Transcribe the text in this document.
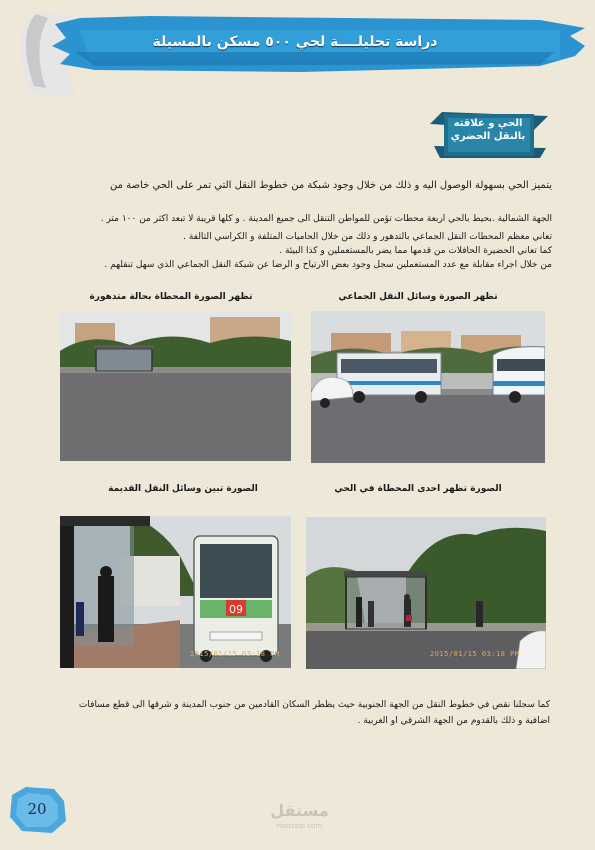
دراسة تحليلــــة لحي ٥٠٠ مسكن بالمسيلة
الحي و علاقته
بالنقل الحضري
يتميز الحي بسهولة الوصول اليه و ذلك من خلال وجود شبكة من خطوط النقل التي تمر على الحي خاصة من
الجهة الشمالية .بحيط بالحي اربعة محطات تؤمن للمواطن التنقل الى جميع المدينة . و كلها قريبة لا تبعد اكثر من ١٠٠ متر .
تعاني معظم المحطات النقل الجماعي بالتدهور و ذلك من خلال الحاميات المتلفة و الكراسي التالفة .
كما تعاني الحضيرة الحافلات من قدمها مما يضر بالمستعملين و كذا البيئة .
من خلال اجراء مقابلة مع عدد المستعملين سجل وجود بعض الارتياح و الرضا عن شبكة النقل الجماعي الذي سهل تنقلهم .
تظهر الصورة وسائل النقل الجماعي
تظهر الصورة المحطاة بحالة متدهورة
الصورة تظهر احدى المحطاة في الحي
الصورة تبين وسائل النقل القديمة
2015/01/15 03:18 PM
09
2015/01/15 03:18 PM
كما سجلنا نقص في خطوط النقل من الجهة الجنوبية حيث يظطر السكان القادمين من جنوب المدينة و شرقها الى قطع مسافات اضافية و ذلك بالقدوم من الجهة الشرقي او الغربية .
20	مستقل
mostaql.com
